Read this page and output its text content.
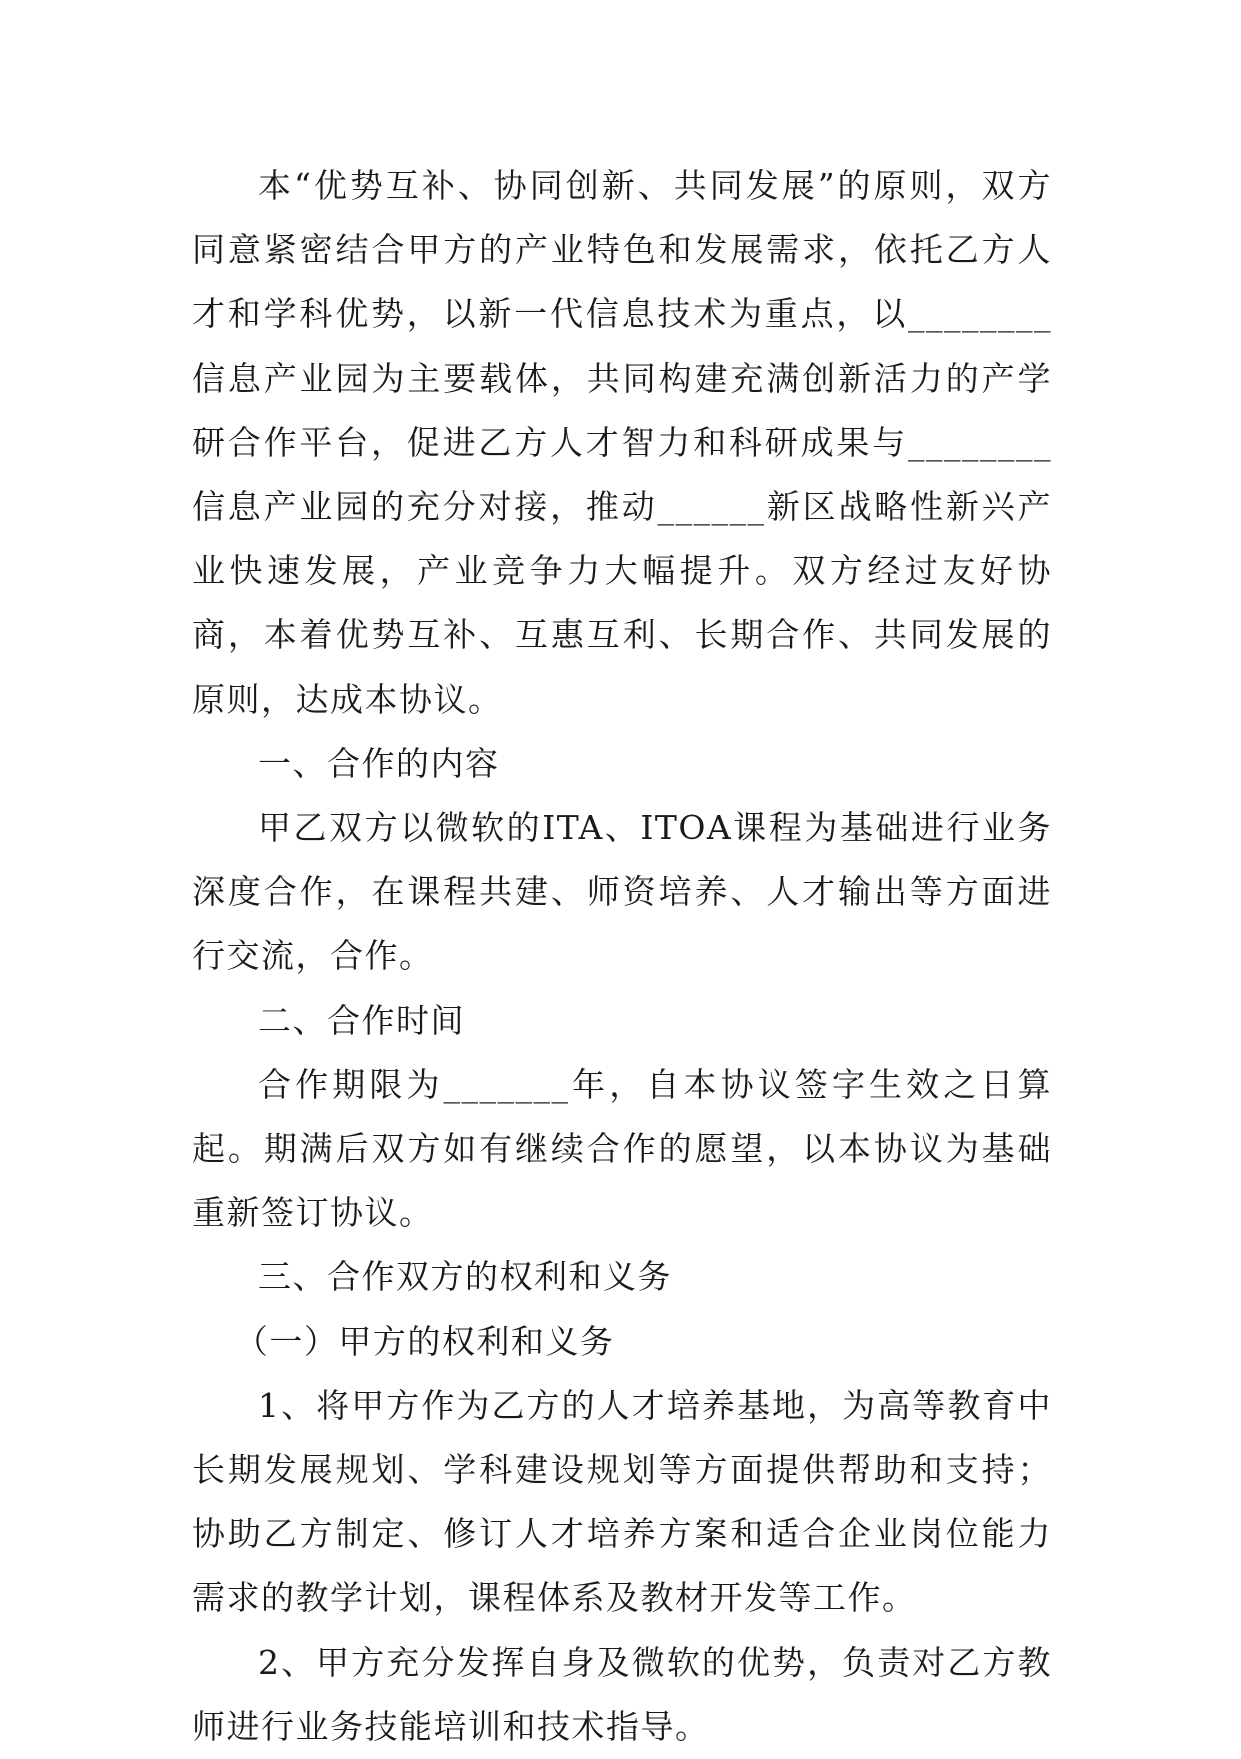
本“优势互补、协同创新、共同发展”的原则，双方同意紧密结合甲方的产业特色和发展需求，依托乙方人才和学科优势，以新一代信息技术为重点，以________信息产业园为主要载体，共同构建充满创新活力的产学研合作平台，促进乙方人才智力和科研成果与________信息产业园的充分对接，推动______新区战略性新兴产业快速发展，产业竞争力大幅提升。双方经过友好协商，本着优势互补、互惠互利、长期合作、共同发展的原则，达成本协议。

一、合作的内容

甲乙双方以微软的ITA、ITOA课程为基础进行业务深度合作，在课程共建、师资培养、人才输出等方面进行交流，合作。

二、合作时间

合作期限为_______年，自本协议签字生效之日算起。期满后双方如有继续合作的愿望，以本协议为基础重新签订协议。

三、合作双方的权利和义务

（一）甲方的权利和义务

1、将甲方作为乙方的人才培养基地，为高等教育中长期发展规划、学科建设规划等方面提供帮助和支持；协助乙方制定、修订人才培养方案和适合企业岗位能力需求的教学计划，课程体系及教材开发等工作。

2、甲方充分发挥自身及微软的优势，负责对乙方教师进行业务技能培训和技术指导。
